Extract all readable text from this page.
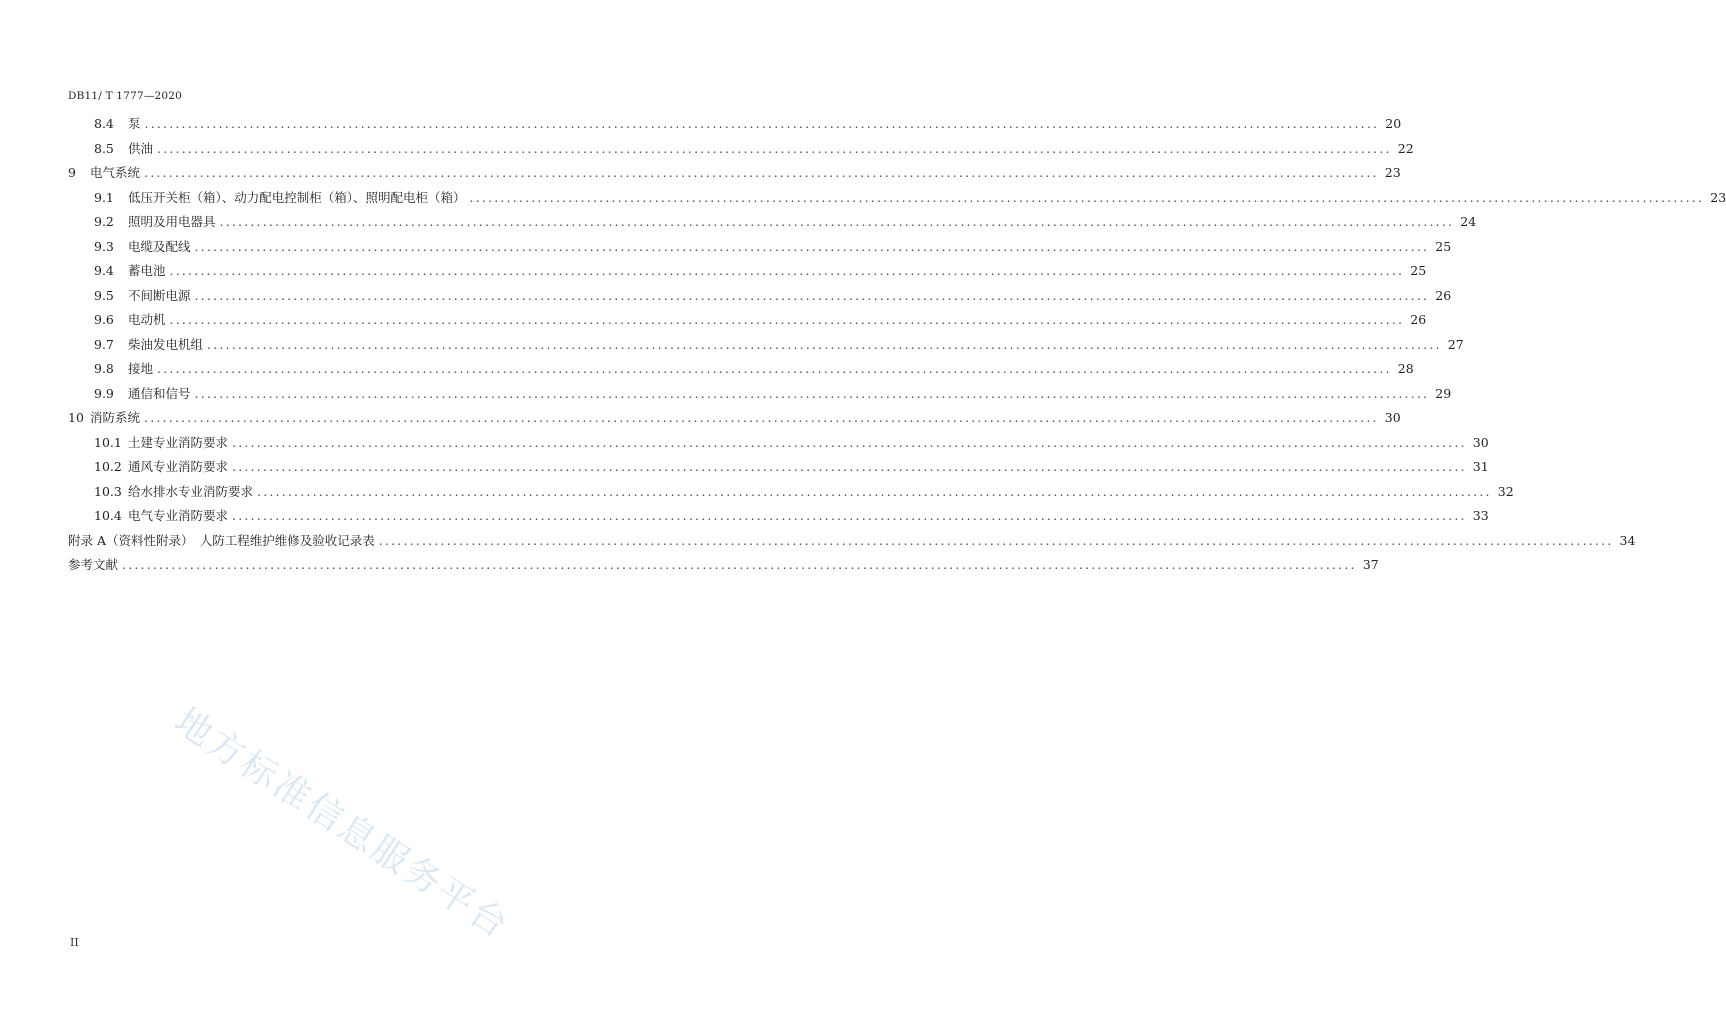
DB11/ T 1777—2020
8.4	泵 ........................................................................................................................................................................................................ 20
8.5	供油 ........................................................................................................................................................................................................ 22
9	电气系统 ........................................................................................................................................................................................................ 23
9.1	低压开关柜（箱）、动力配电控制柜（箱）、照明配电柜（箱） ........................................................................................................................................................................................................ 23
9.2	照明及用电器具 ........................................................................................................................................................................................................ 24
9.3	电缆及配线 ........................................................................................................................................................................................................ 25
9.4	蓄电池 ........................................................................................................................................................................................................ 25
9.5	不间断电源 ........................................................................................................................................................................................................ 26
9.6	电动机 ........................................................................................................................................................................................................ 26
9.7	柴油发电机组 ........................................................................................................................................................................................................ 27
9.8	接地 ........................................................................................................................................................................................................ 28
9.9	通信和信号 ........................................................................................................................................................................................................ 29
10 消防系统 ........................................................................................................................................................................................................ 30
10.1 土建专业消防要求 ........................................................................................................................................................................................................ 30
10.2 通风专业消防要求 ........................................................................................................................................................................................................ 31
10.3 给水排水专业消防要求 ........................................................................................................................................................................................................ 32
10.4 电气专业消防要求 ........................................................................................................................................................................................................ 33
附录 A（资料性附录）　人防工程维护维修及验收记录表 ........................................................................................................................................................................................................ 34
参考文献 ........................................................................................................................................................................................................ 37
II 地方标准信息服务平台
